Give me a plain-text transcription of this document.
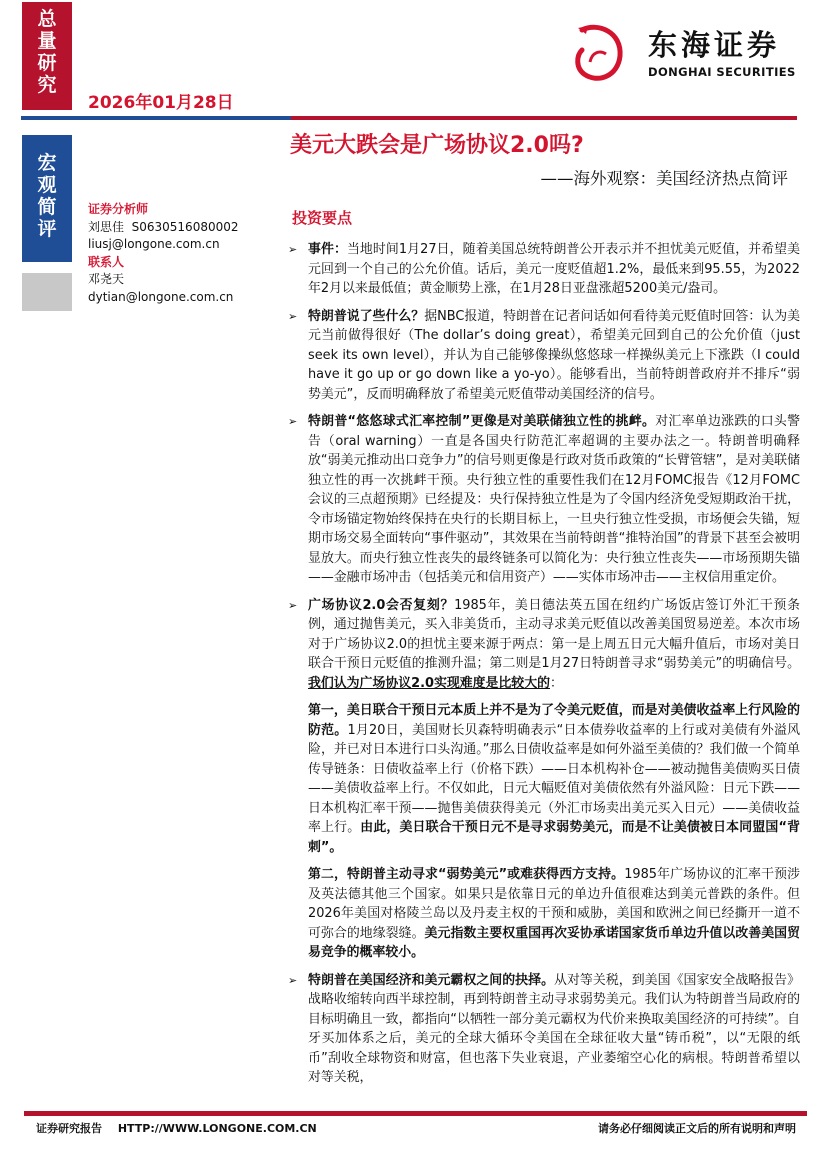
总
量
研
究
2026年01月28日
宏
观
简
评
东海证券
DONGHAI SECURITIES
美元大跌会是广场协议2.0吗?
——海外观察：美国经济热点简评
证券分析师
刘思佳  S0630516080002
liusj@longone.com.cn
联系人
邓尧天
dytian@longone.com.cn
投资要点
➢ 事件：当地时间1月27日，随着美国总统特朗普公开表示并不担忧美元贬值，并希望美元回到一个自己的公允价值。话后，美元一度贬值超1.2%，最低来到95.55，为2022年2月以来最低值；黄金顺势上涨，在1月28日亚盘涨超5200美元/盎司。
➢ 特朗普说了些什么？据NBC报道，特朗普在记者问话如何看待美元贬值时回答：认为美元当前做得很好（The dollar’s doing great），希望美元回到自己的公允价值（just seek its own level），并认为自己能够像操纵悠悠球一样操纵美元上下涨跌（I could have it go up or go down like a yo-yo）。能够看出，当前特朗普政府并不排斥“弱势美元”，反而明确释放了希望美元贬值带动美国经济的信号。
➢ 特朗普“悠悠球式汇率控制”更像是对美联储独立性的挑衅。对汇率单边涨跌的口头警告（oral warning）一直是各国央行防范汇率超调的主要办法之一。特朗普明确释放“弱美元推动出口竞争力”的信号则更像是行政对货币政策的“长臂管辖”，是对美联储独立性的再一次挑衅干预。央行独立性的重要性我们在12月FOMC报告《12月FOMC会议的三点超预期》已经提及：央行保持独立性是为了令国内经济免受短期政治干扰，令市场锚定物始终保持在央行的长期目标上，一旦央行独立性受损，市场便会失锚，短期市场交易全面转向“事件驱动”，其效果在当前特朗普“推特治国”的背景下甚至会被明显放大。而央行独立性丧失的最终链条可以简化为：央行独立性丧失——市场预期失锚——金融市场冲击（包括美元和信用资产）——实体市场冲击——主权信用重定价。
➢ 广场协议2.0会否复刻？1985年，美日德法英五国在纽约广场饭店签订外汇干预条例，通过抛售美元，买入非美货币，主动寻求美元贬值以改善美国贸易逆差。本次市场对于广场协议2.0的担忧主要来源于两点：第一是上周五日元大幅升值后，市场对美日联合干预日元贬值的推测升温；第二则是1月27日特朗普寻求“弱势美元”的明确信号。我们认为广场协议2.0实现难度是比较大的：
第一，美日联合干预日元本质上并不是为了令美元贬值，而是对美债收益率上行风险的防范。1月20日，美国财长贝森特明确表示“日本债券收益率的上行或对美债有外溢风险，并已对日本进行口头沟通。”那么日债收益率是如何外溢至美债的？我们做一个简单传导链条：日债收益率上行（价格下跌）——日本机构补仓——被动抛售美债购买日债——美债收益率上行。不仅如此，日元大幅贬值对美债依然有外溢风险：日元下跌——日本机构汇率干预——抛售美债获得美元（外汇市场卖出美元买入日元）——美债收益率上行。由此，美日联合干预日元不是寻求弱势美元，而是不让美债被日本同盟国“背刺”。
第二，特朗普主动寻求“弱势美元”或难获得西方支持。1985年广场协议的汇率干预涉及英法德其他三个国家。如果只是依靠日元的单边升值很难达到美元普跌的条件。但2026年美国对格陵兰岛以及丹麦主权的干预和威胁，美国和欧洲之间已经撕开一道不可弥合的地缘裂缝。美元指数主要权重国再次妥协承诺国家货币单边升值以改善美国贸易竞争的概率较小。
➢ 特朗普在美国经济和美元霸权之间的抉择。从对等关税，到美国《国家安全战略报告》战略收缩转向西半球控制，再到特朗普主动寻求弱势美元。我们认为特朗普当局政府的目标明确且一致，都指向“以牺牲一部分美元霸权为代价来换取美国经济的可持续”。自牙买加体系之后，美元的全球大循环令美国在全球征收大量“铸币税”，以“无限的纸币”刮收全球物资和财富，但也落下失业衰退，产业萎缩空心化的病根。特朗普希望以对等关税，
证券研究报告 HTTP://WWW.LONGONE.COM.CN	请务必仔细阅读正文后的所有说明和声明
